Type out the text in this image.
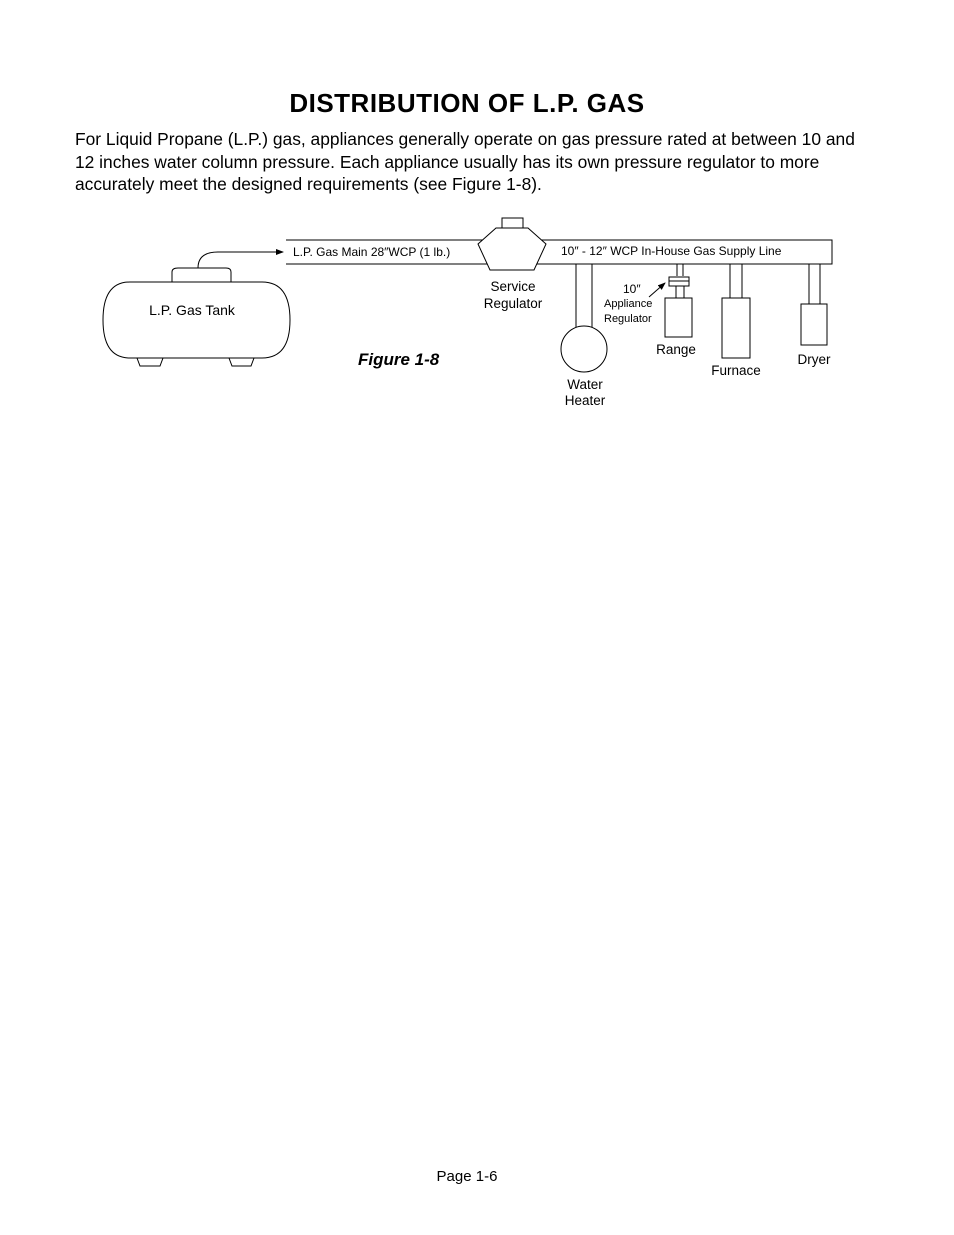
DISTRIBUTION OF L.P. GAS

For Liquid Propane (L.P.) gas, appliances generally operate on gas pressure rated at between 10 and 12 inches water column pressure. Each appliance usually has its own pressure regulator to more accurately meet the designed requirements (see Figure 1-8).

L.P. Gas Tank
L.P. Gas Main 28″WCP (1 lb.)	10″ - 12″ WCP In-House Gas Supply Line
Service
Regulator
10″
Appliance
Regulator
Water
Heater
Range
Furnace
Dryer
Figure 1-8
Page 1-6
